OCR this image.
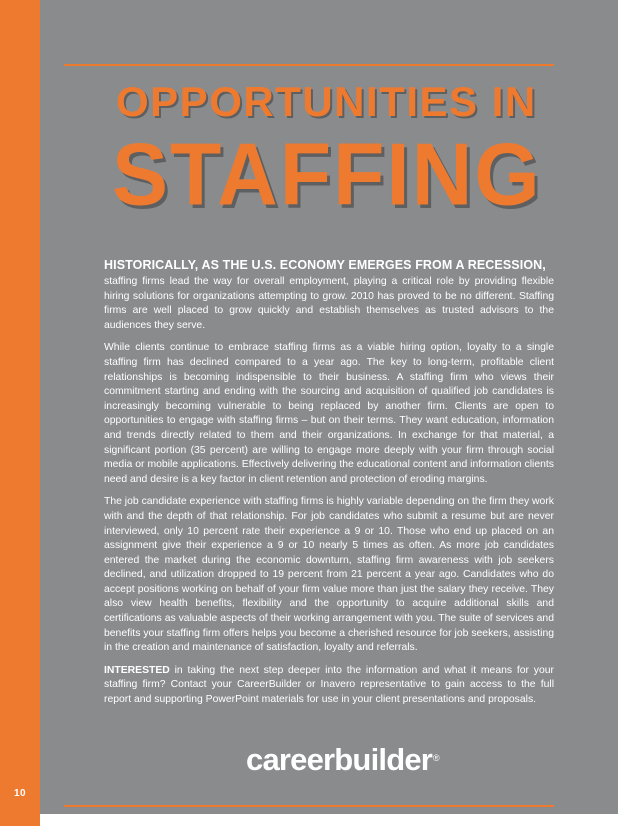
10
OPPORTUNITIES IN
STAFFING

HISTORICALLY, AS THE U.S. ECONOMY EMERGES FROM A RECESSION,
staffing firms lead the way for overall employment, playing a critical role by providing flexible hiring solutions for organizations attempting to grow. 2010 has proved to be no different. Staffing firms are well placed to grow quickly and establish themselves as trusted advisors to the audiences they serve.

While clients continue to embrace staffing firms as a viable hiring option, loyalty to a single staffing firm has declined compared to a year ago. The key to long-term, profitable client relationships is becoming indispensible to their business. A staffing firm who views their commitment starting and ending with the sourcing and acquisition of qualified job candidates is increasingly becoming vulnerable to being replaced by another firm. Clients are open to opportunities to engage with staffing firms – but on their terms. They want education, information and trends directly related to them and their organizations. In exchange for that material, a significant portion (35 percent) are willing to engage more deeply with your firm through social media or mobile applications. Effectively delivering the educational content and information clients need and desire is a key factor in client retention and protection of eroding margins.

The job candidate experience with staffing firms is highly variable depending on the firm they work with and the depth of that relationship. For job candidates who submit a resume but are never interviewed, only 10 percent rate their experience a 9 or 10. Those who end up placed on an assignment give their experience a 9 or 10 nearly 5 times as often. As more job candidates entered the market during the economic downturn, staffing firm awareness with job seekers declined, and utilization dropped to 19 percent from 21 percent a year ago. Candidates who do accept positions working on behalf of your firm value more than just the salary they receive. They also view health benefits, flexibility and the opportunity to acquire additional skills and certifications as valuable aspects of their working arrangement with you. The suite of services and benefits your staffing firm offers helps you become a cherished resource for job seekers, assisting in the creation and maintenance of satisfaction, loyalty and referrals.

INTERESTED in taking the next step deeper into the information and what it means for your staffing firm? Contact your CareerBuilder or Inavero representative to gain access to the full report and supporting PowerPoint materials for use in your client presentations and proposals.

careerbuilder®
